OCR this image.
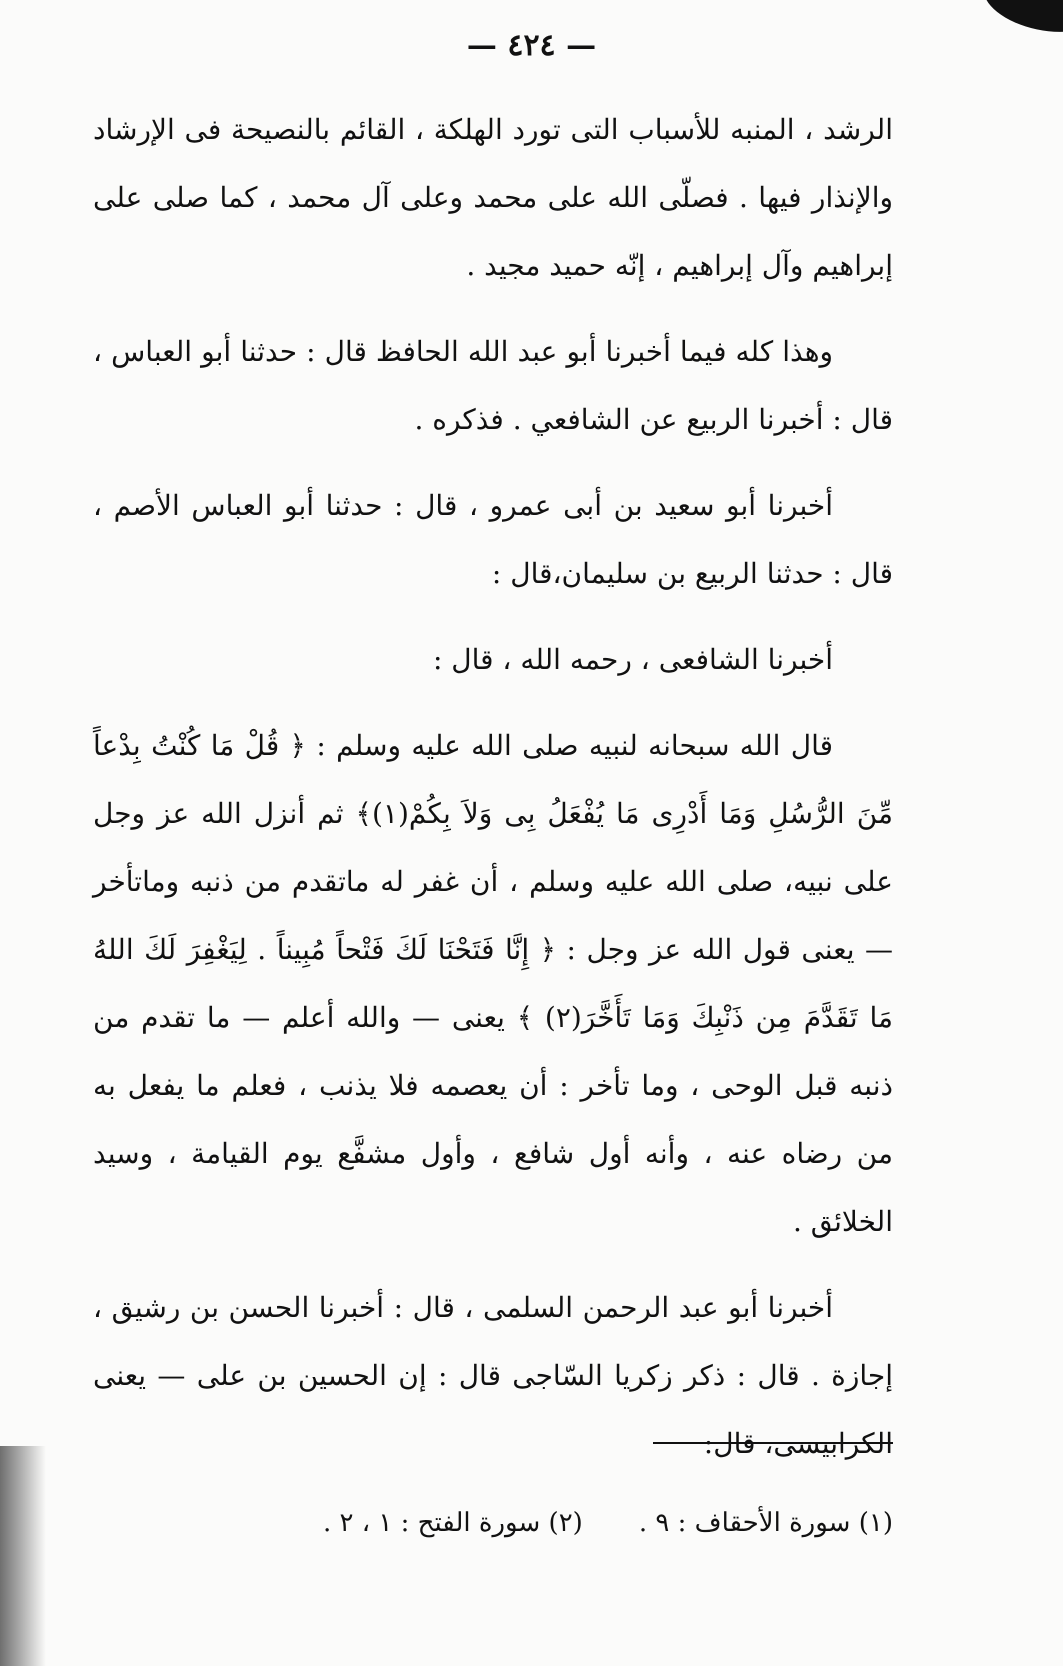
— ٤٢٤ —

الرشد ، المنبه للأسباب التى تورد الهلكة ، القائم بالنصيحة فى الإرشاد والإنذار فيها . فصلّى الله على محمد وعلى آل محمد ، كما صلى على إبراهيم وآل إبراهيم ، إنّه حميد مجيد .

وهذا كله فيما أخبرنا أبو عبد الله الحافظ قال : حدثنا أبو العباس ، قال : أخبرنا الربيع عن الشافعي . فذكره .

أخبرنا أبو سعيد بن أبى عمرو ، قال : حدثنا أبو العباس الأصم ، قال : حدثنا الربيع بن سليمان،قال :

أخبرنا الشافعى ، رحمه الله ، قال :

قال الله سبحانه لنبيه صلى الله عليه وسلم : ﴿ قُلْ مَا كُنْتُ بِدْعاً مِّنَ الرُّسُلِ وَمَا أَدْرِى مَا يُفْعَلُ بِى وَلاَ بِكُمْ(١)﴾ ثم أنزل الله عز وجل على نبيه، صلى الله عليه وسلم ، أن غفر له ماتقدم من ذنبه وماتأخر — يعنى قول الله عز وجل : ﴿ إِنَّا فَتَحْنَا لَكَ فَتْحاً مُبِيناً . لِيَغْفِرَ لَكَ اللهُ مَا تَقَدَّمَ مِن ذَنْبِكَ وَمَا تَأَخَّرَ(٢) ﴾ يعنى — والله أعلم — ما تقدم من ذنبه قبل الوحى ، وما تأخر : أن يعصمه فلا يذنب ، فعلم ما يفعل به من رضاه عنه ، وأنه أول شافع ، وأول مشفَّع يوم القيامة ، وسيد الخلائق .

أخبرنا أبو عبد الرحمن السلمى ، قال : أخبرنا الحسن بن رشيق ، إجازة . قال : ذكر زكريا السّاجى قال : إن الحسين بن على — يعنى الكرابيسى، قال:

(١) سورة الأحقاف : ٩ .
(٢) سورة الفتح : ١ ، ٢ .
